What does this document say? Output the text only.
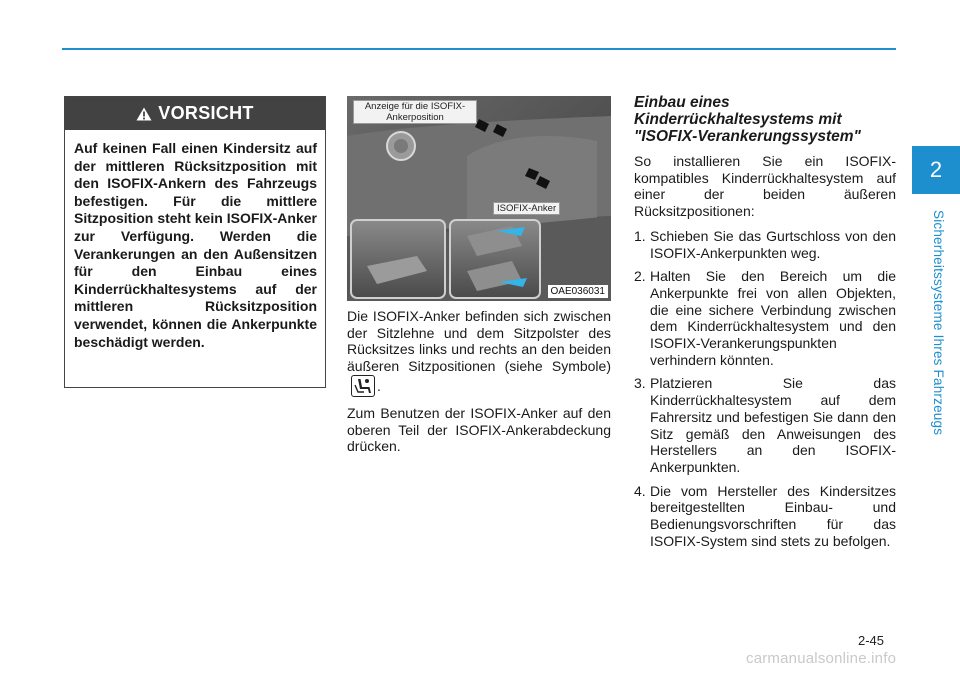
2
Sicherheitssysteme Ihres Fahrzeugs
VORSICHT
Auf keinen Fall einen Kindersitz auf der mittleren Rücksitzposition mit den ISOFIX-Ankern des Fahrzeugs befestigen. Für die mittlere Sitzposition steht kein ISOFIX-Anker zur Verfügung. Werden die Verankerungen an den Außensitzen für den Einbau eines Kinderrückhaltesystems auf der mittleren Rücksitzposition verwendet, können die Ankerpunkte beschädigt werden.
Anzeige für die ISOFIX-Ankerposition
ISOFIX-Anker
OAE036031

Die ISOFIX-Anker befinden sich zwischen der Sitzlehne und dem Sitzpolster des Rücksitzes links und rechts an den beiden äußeren Sitzpositionen (siehe Symbole).

Zum Benutzen der ISOFIX-Anker auf den oberen Teil der ISOFIX-Ankerabdeckung drücken.

Einbau eines Kinderrückhaltesystems mit "ISOFIX-Verankerungssystem"
So installieren Sie ein ISOFIX-kompatibles Kinderrückhaltesystem auf einer der beiden äußeren Rücksitzpositionen:
1. Schieben Sie das Gurtschloss von den ISOFIX-Ankerpunkten weg.
2. Halten Sie den Bereich um die Ankerpunkte frei von allen Objekten, die eine sichere Verbindung zwischen dem Kinderrückhaltesystem und den ISOFIX-Verankerungspunkten verhindern könnten.
3. Platzieren Sie das Kinderrückhaltesystem auf dem Fahrersitz und befestigen Sie dann den Sitz gemäß den Anweisungen des Herstellers an den ISOFIX-Ankerpunkten.
4. Die vom Hersteller des Kindersitzes bereitgestellten Einbau- und Bedienungsvorschriften für das ISOFIX-System sind stets zu befolgen.
2-45
carmanualsonline.info
